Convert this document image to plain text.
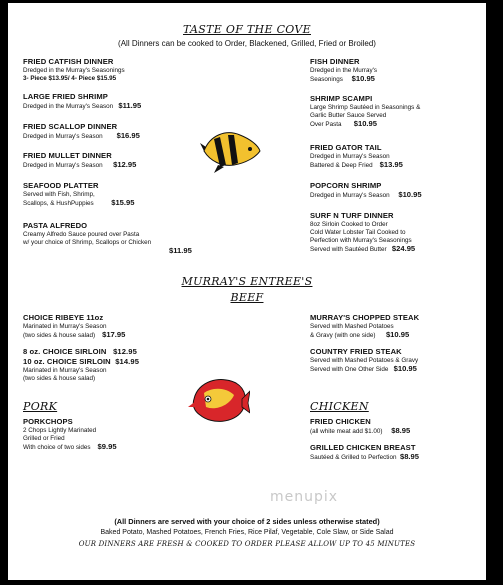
TASTE OF THE COVE
(All Dinners can be cooked to Order, Blackened, Grilled, Fried or Broiled)
FRIED CATFISH DINNER
Dredged in the Murray's Seasonings
3- Piece $13.95/ 4- Piece $15.95
LARGE FRIED SHRIMP
Dredged in the Murray's Season $11.95
FRIED SCALLOP DINNER
Dredged in Murray's Season $16.95
FRIED MULLET DINNER
Dredged in Murray's Season $12.95
SEAFOOD PLATTER
Served with Fish, Shrimp,
Scallops, & HushPuppies $15.95
PASTA ALFREDO
Creamy Alfredo Sauce poured over Pasta
w/ your choice of Shrimp, Scallops or Chicken
$11.95
FISH DINNER
Dredged in the Murray's
Seasonings $10.95
SHRIMP SCAMPI
Large Shrimp Sautéed in Seasonings &
Garlic Butter Sauce Served
Over Pasta $10.95
FRIED GATOR TAIL
Dredged in Murray's Season
Battered & Deep Fried $13.95
POPCORN SHRIMP
Dredged in Murray's Season $10.95
SURF N TURF DINNER
8oz Sirloin Cooked to Order
Cold Water Lobster Tail Cooked to
Perfection with Murray's Seasonings
Served with Sautéed Butter $24.95
MURRAY'S ENTREE'S
BEEF
CHOICE RIBEYE 11oz
Marinated in Murray's Season
(two sides & house salad) $17.95
8 oz. CHOICE SIRLOIN $12.95
10 oz. CHOICE SIRLOIN $14.95
Marinated in Murray's Season
(two sides & house salad)
MURRAY'S CHOPPED STEAK
Served with Mashed Potatoes
& Gravy (with one side) $10.95
COUNTRY FRIED STEAK
Served with Mashed Potatoes & Gravy
Served with One Other Side $10.95
PORK
PORKCHOPS
2 Chops Lightly Marinated
Grilled or Fried
With choice of two sides $9.95
CHICKEN
FRIED CHICKEN
(all white meat add $1.00) $8.95
GRILLED CHICKEN BREAST
Sautéed & Grilled to Perfection $8.95
menupix
(All Dinners are served with your choice of 2 sides unless otherwise stated)
Baked Potato, Mashed Potatoes, French Fries, Rice Pilaf, Vegetable, Cole Slaw, or Side Salad
OUR DINNERS ARE FRESH & COOKED TO ORDER PLEASE ALLOW UP TO 45 MINUTES
